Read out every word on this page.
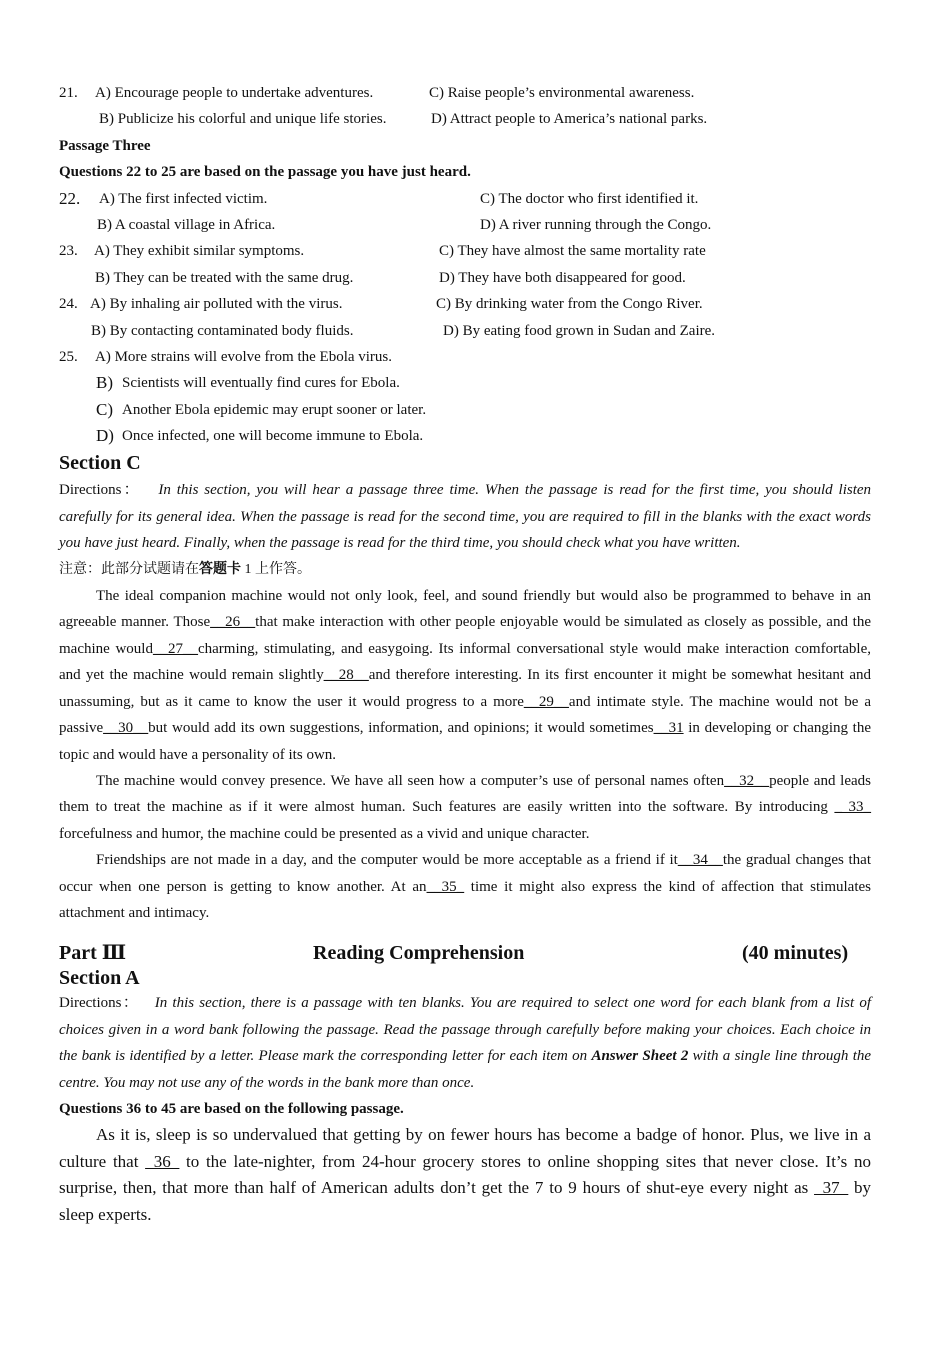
21. A) Encourage people to undertake adventures.	C) Raise people’s environmental awareness.
B) Publicize his colorful and unique life stories.	D) Attract people to America’s national parks.
Passage Three
Questions 22 to 25 are based on the passage you have just heard.
22. A) The first infected victim.	C) The doctor who first identified it.
B) A coastal village in Africa.	D) A river running through the Congo.
23. A) They exhibit similar symptoms.	C) They have almost the same mortality rate
B) They can be treated with the same drug.	D) They have both disappeared for good.
24. A) By inhaling air polluted with the virus.	C) By drinking water from the Congo River.
B) By contacting contaminated body fluids.	D) By eating food grown in Sudan and Zaire.
25. A) More strains will evolve from the Ebola virus.
B) Scientists will eventually find cures for Ebola.
C) Another Ebola epidemic may erupt sooner or later.
D) Once infected, one will become immune to Ebola.
Section C
Directions： In this section, you will hear a passage three time. When the passage is read for the first time, you should listen carefully for its general idea. When the passage is read for the second time, you are required to fill in the blanks with the exact words you have just heard. Finally, when the passage is read for the third time, you should check what you have written.
注意：此部分试题请在答题卡 1 上作答。
The ideal companion machine would not only look, feel, and sound friendly but would also be programmed to behave in an agreeable manner. Those__26__that make interaction with other people enjoyable would be simulated as closely as possible, and the machine would__27__charming, stimulating, and easygoing. Its informal conversational style would make interaction comfortable, and yet the machine would remain slightly__28__and therefore interesting. In its first encounter it might be somewhat hesitant and unassuming, but as it came to know the user it would progress to a more__29__and intimate style. The machine would not be a passive__30__but would add its own suggestions, information, and opinions; it would sometimes__31 in developing or changing the topic and would have a personality of its own.
The machine would convey presence. We have all seen how a computer’s use of personal names often__32__people and leads them to treat the machine as if it were almost human. Such features are easily written into the software. By introducing _ 33_ forcefulness and humor, the machine could be presented as a vivid and unique character.
Friendships are not made in a day, and the computer would be more acceptable as a friend if it__34__the gradual changes that occur when one person is getting to know another. At an__35_ time it might also express the kind of affection that stimulates attachment and intimacy.
Part Ⅲ	Reading Comprehension	(40 minutes)
Section A
Directions： In this section, there is a passage with ten blanks. You are required to select one word for each blank from a list of choices given in a word bank following the passage. Read the passage through carefully before making your choices. Each choice in the bank is identified by a letter. Please mark the corresponding letter for each item on Answer Sheet 2 with a single line through the centre. You may not use any of the words in the bank more than once.
Questions 36 to 45 are based on the following passage.
As it is, sleep is so undervalued that getting by on fewer hours has become a badge of honor. Plus, we live in a culture that _36_ to the late-nighter, from 24-hour grocery stores to online shopping sites that never close. It’s no surprise, then, that more than half of American adults don’t get the 7 to 9 hours of shut-eye every night as _37_ by sleep experts.
